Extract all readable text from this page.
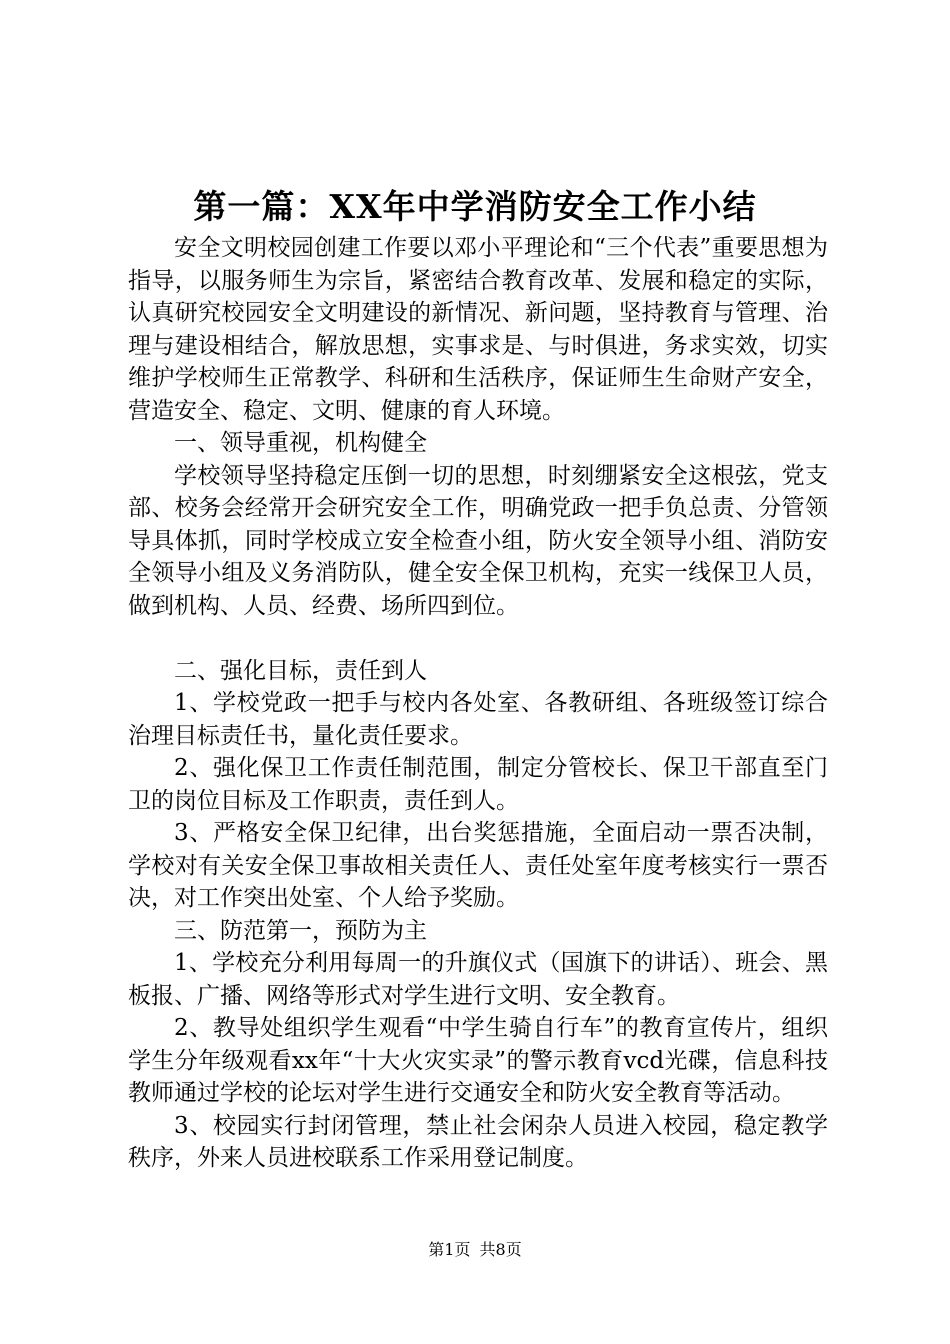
第一篇：XX年中学消防安全工作小结

安全文明校园创建工作要以邓小平理论和“三个代表”重要思想为指导，以服务师生为宗旨，紧密结合教育改革、发展和稳定的实际，认真研究校园安全文明建设的新情况、新问题，坚持教育与管理、治理与建设相结合，解放思想，实事求是、与时俱进，务求实效，切实维护学校师生正常教学、科研和生活秩序，保证师生生命财产安全，营造安全、稳定、文明、健康的育人环境。

一、领导重视，机构健全

学校领导坚持稳定压倒一切的思想，时刻绷紧安全这根弦，党支部、校务会经常开会研究安全工作，明确党政一把手负总责、分管领导具体抓，同时学校成立安全检查小组，防火安全领导小组、消防安全领导小组及义务消防队，健全安全保卫机构，充实一线保卫人员，做到机构、人员、经费、场所四到位。

二、强化目标，责任到人

1、学校党政一把手与校内各处室、各教研组、各班级签订综合治理目标责任书，量化责任要求。

2、强化保卫工作责任制范围，制定分管校长、保卫干部直至门卫的岗位目标及工作职责，责任到人。

3、严格安全保卫纪律，出台奖惩措施，全面启动一票否决制，学校对有关安全保卫事故相关责任人、责任处室年度考核实行一票否决，对工作突出处室、个人给予奖励。

三、防范第一，预防为主

1、学校充分利用每周一的升旗仪式（国旗下的讲话）、班会、黑板报、广播、网络等形式对学生进行文明、安全教育。

2、教导处组织学生观看“中学生骑自行车”的教育宣传片，组织学生分年级观看xx年“十大火灾实录”的警示教育vcd光碟，信息科技教师通过学校的论坛对学生进行交通安全和防火安全教育等活动。

3、校园实行封闭管理，禁止社会闲杂人员进入校园，稳定教学秩序，外来人员进校联系工作采用登记制度。

第1页 共8页
